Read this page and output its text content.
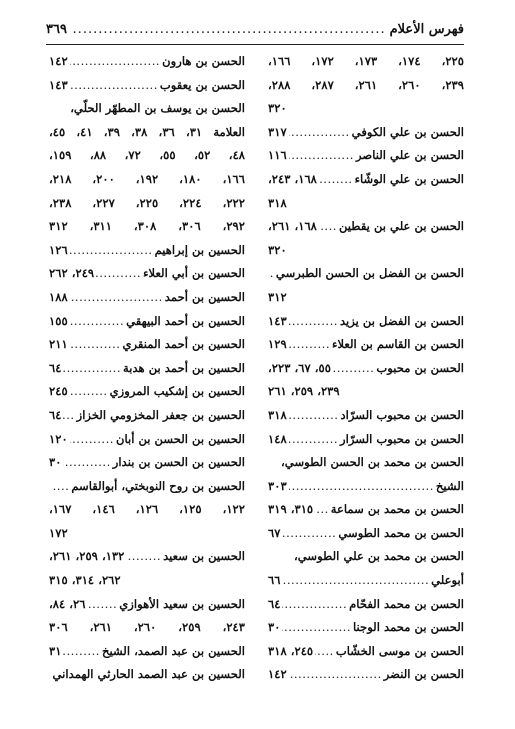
فهرس الأعلام
.....
٣٦٩
٢٢٥، ١٧٤، ١٧٣، ١٧٢، ١٦٦،
٢٣٩، ٢٦٠، ٢٦١، ٢٨٧، ٢٨٨،
٣٢٠
الحسن بن علي الكوفي
.....
٣١٧
الحسن بن علي الناصر
.....
١١٦
الحسن بن علي الوشّاء
.....
١٦٨، ٢٤٣،
٣١٨
الحسن بن علي بن يقطين
.....
١٦٨، ٢٦١،
٣٢٠
الحسن بن الفضل بن الحسن الطبرسي
.....
٣١٢
الحسن بن الفضل بن يزيد
.....
١٤٣
الحسن بن القاسم بن العلاء
.....
١٢٩
الحسن بن محبوب
.....
٥٥، ٦٧، ٢٢٣،
٢٣٩، ٢٥٩، ٢٦١
الحسن بن محبوب السرّاد
.....
٣١٨
الحسن بن محبوب السرّار
.....
١٤٨
الحسن بن محمد بن الحسن الطوسي،
الشيخ
.....
٣٠٣
الحسن بن محمد بن سماعة
.....
٣١٥، ٣١٩
الحسن بن محمد الطوسي
.....
٦٧
الحسن بن محمد بن علي الطوسي،
أبوعلي
.....
٦٦
الحسن بن محمد الفحّام
.....
٦٤
الحسن بن محمد الوجنا
.....
٣٠
الحسن بن موسى الخشّاب
.....
٢٤٥، ٣١٨
الحسن بن النضر
.....
١٤٢
الحسن بن هارون
.....
١٤٢
الحسن بن يعقوب
.....
١٤٣
الحسن بن يوسف بن المطهّر الحلّي،
العلامة ٣١، ٣٦، ٣٨، ٣٩، ٤١، ٤٥،
٤٨، ٥٢، ٥٥، ٧٢، ٨٨، ١٥٩،
١٦٦، ١٨٠، ١٩٢، ٢٠٠، ٢١٨،
٢٢٢، ٢٢٤، ٢٢٥، ٢٢٧، ٢٣٨،
٢٩٢، ٣٠٦، ٣٠٨، ٣١١، ٣١٢
الحسين بن إبراهيم
.....
١٢٦
الحسين بن أبي العلاء
.....
٢٤٩، ٢٦٢
الحسين بن أحمد
.....
١٨٨
الحسين بن أحمد البيهقي
.....
١٥٥
الحسين بن أحمد المنقري
.....
٢١١
الحسين بن أحمد بن هدبة
.....
٦٤
الحسين بن إشكيب المروزي
.....
٢٤٥
الحسين بن جعفر المخزومي الخزاز
.....
٦٤
الحسين بن الحسن بن أبان
.....
١٢٠
الحسين بن الحسن بن بندار
.....
٣٠
الحسين بن روح النوبختي، أبوالقاسم
.....
١٢٢، ١٢٥، ١٢٦، ١٤٦، ١٦٧،
١٧٢
الحسين بن سعيد
.....
١٣٢، ٢٥٩، ٢٦١،
٢٦٢، ٣١٤، ٣١٥
الحسين بن سعيد الأهوازي
.....
٢٦، ٨٤،
٢٤٣، ٢٥٩، ٢٦٠، ٢٦١، ٣٠٦
الحسين بن عبد الصمد، الشيخ
.....
٣١
الحسين بن عبد الصمد الحارثي الهمداني
